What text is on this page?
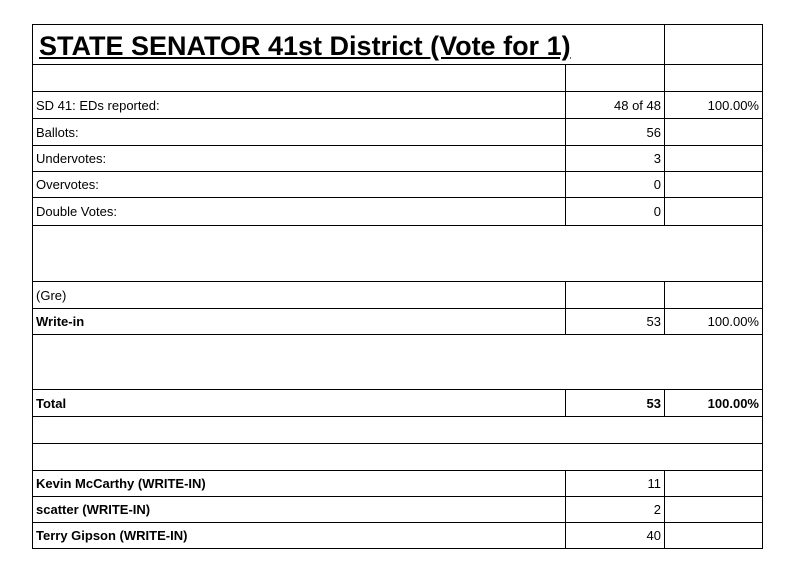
STATE SENATOR 41st District (Vote for 1)
SD 41: EDs reported:	48 of 48	100.00%
Ballots:	56
Undervotes:	3
Overvotes:	0
Double Votes:	0
(Gre)
Write-in	53	100.00%
Total	53	100.00%
Kevin McCarthy (WRITE-IN)	11
scatter (WRITE-IN)	2
Terry Gipson (WRITE-IN)	40
